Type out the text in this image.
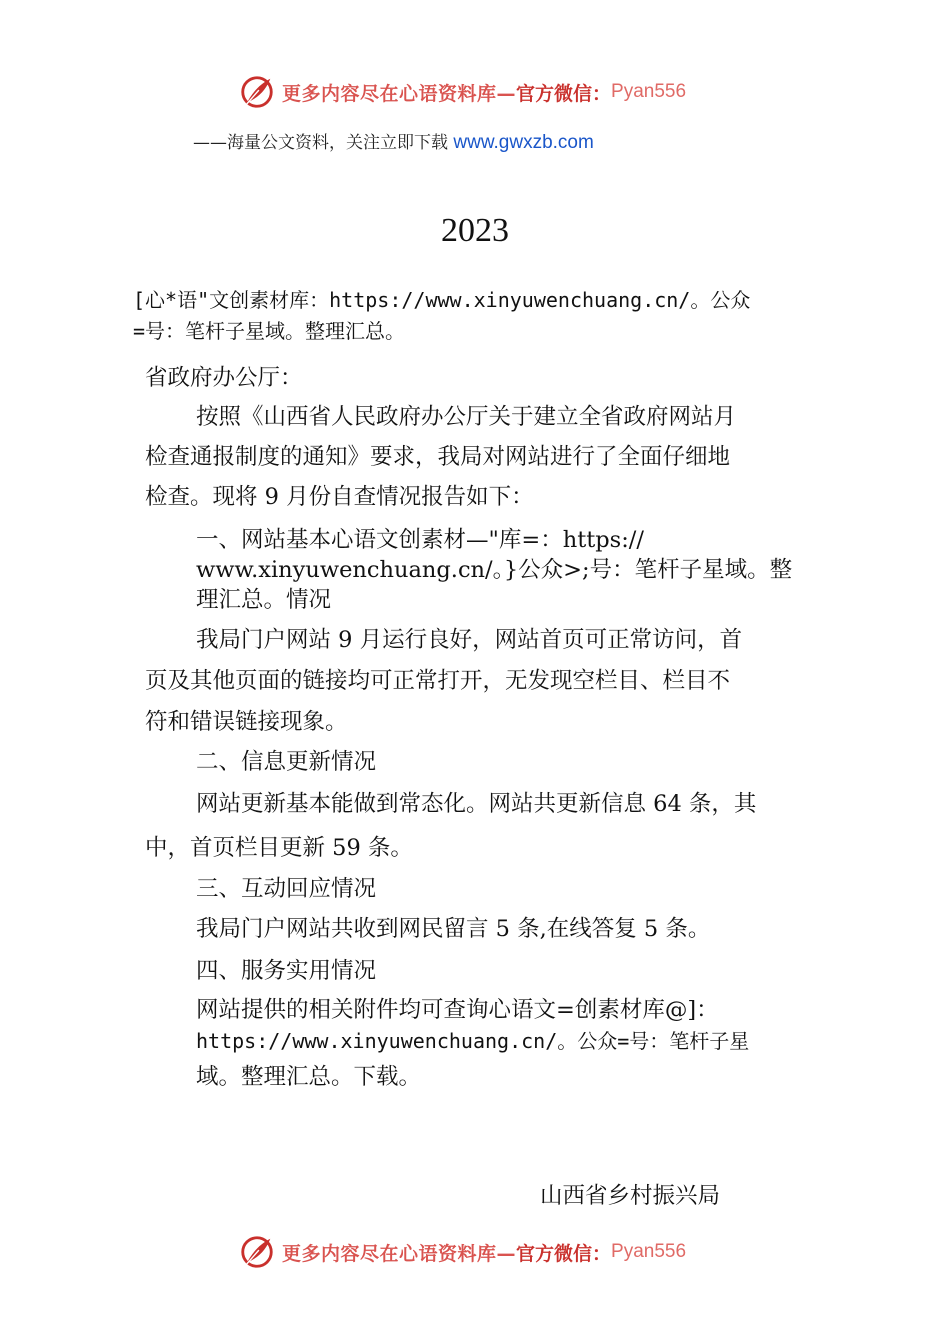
更多内容尽在心语资料库— 官方微信： Pyan556
——海量公文资料，关注立即下载 www.gwxzb.com
2023
[心*语"文创素材库：https://www.xinyuwenchuang.cn/。公众
=号：笔杆子星域。整理汇总。
省政府办公厅：
按照《山西省人民政府办公厅关于建立全省政府网站月
检查通报制度的通知》要求，我局对网站进行了全面仔细地
检查。现将 9 月份自查情况报告如下：
一、网站基本心语文创素材—"库=：https://
www.xinyuwenchuang.cn/。}公众>;号：笔杆子星域。整
理汇总。情况
我局门户网站 9 月运行良好，网站首页可正常访问，首
页及其他页面的链接均可正常打开，无发现空栏目、栏目不
符和错误链接现象。
二、信息更新情况
网站更新基本能做到常态化。网站共更新信息 64 条，其
中，首页栏目更新 59 条。
三、互动回应情况
我局门户网站共收到网民留言 5 条,在线答复 5 条。
四、服务实用情况
网站提供的相关附件均可查询心语文=创素材库@]：
https://www.xinyuwenchuang.cn/。公众=号：笔杆子星
域。整理汇总。下载。
山西省乡村振兴局
更多内容尽在心语资料库— 官方微信： Pyan556
